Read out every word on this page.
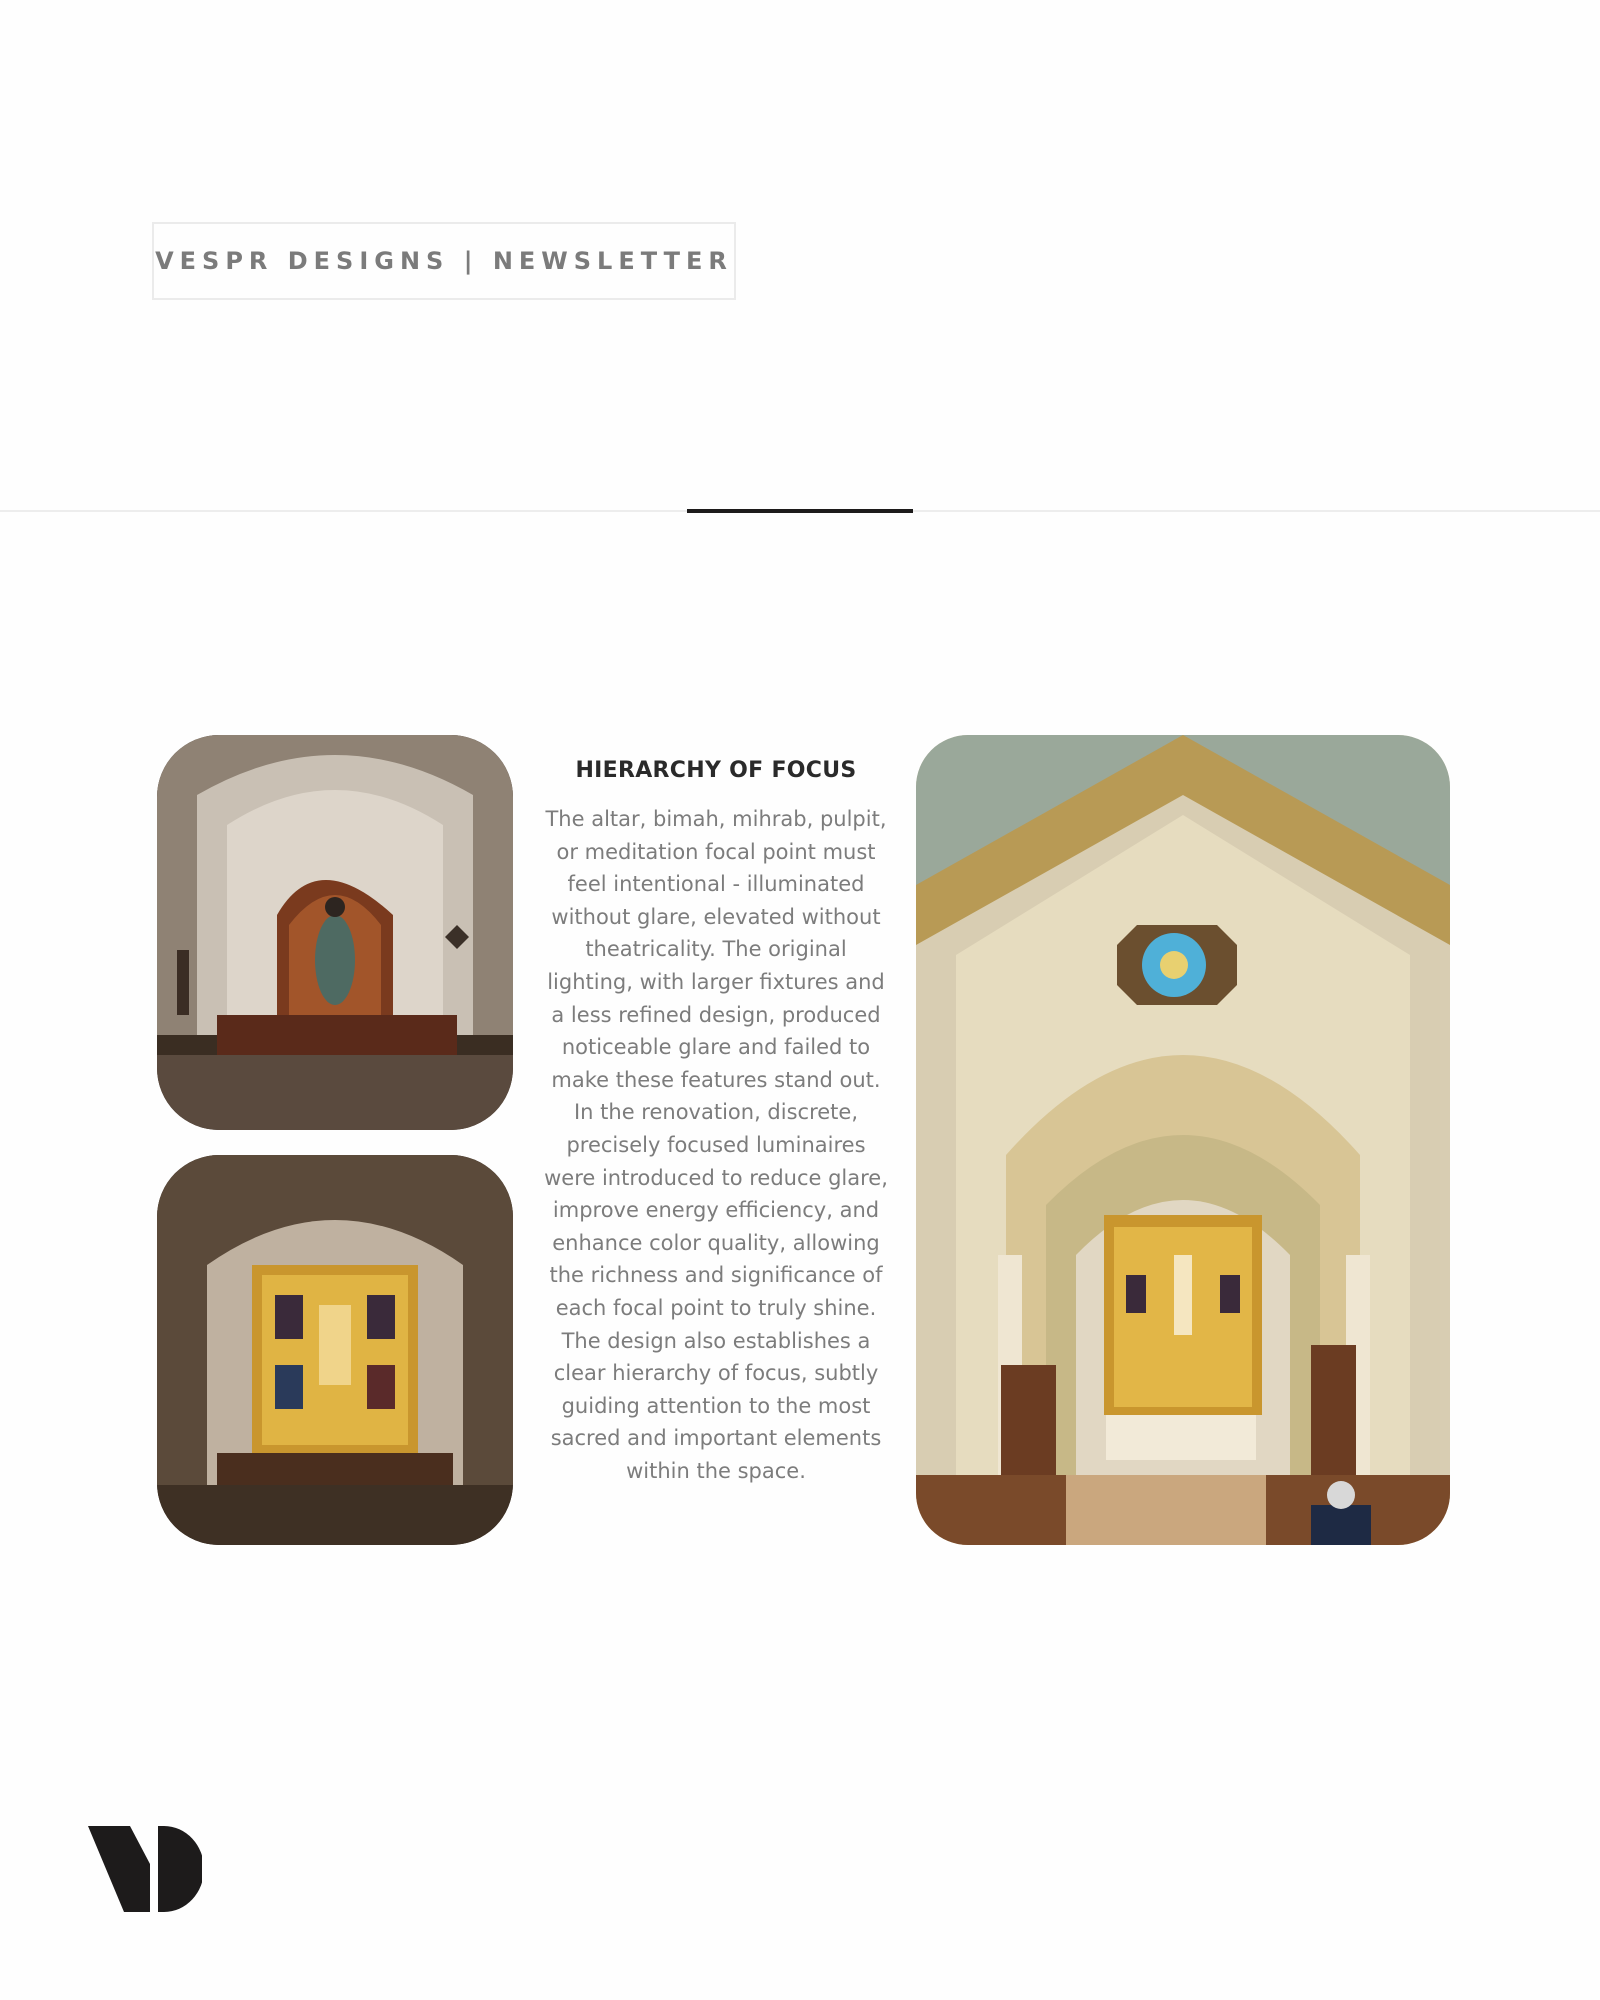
VESPR DESIGNS | NEWSLETTER
HIERARCHY OF FOCUS

The altar, bimah, mihrab, pulpit, or meditation focal point must feel intentional - illuminated without glare, elevated without theatricality. The original lighting, with larger fixtures and a less refined design, produced noticeable glare and failed to make these features stand out. In the renovation, discrete, precisely focused luminaires were introduced to reduce glare, improve energy efficiency, and enhance color quality, allowing the richness and significance of each focal point to truly shine. The design also establishes a clear hierarchy of focus, subtly guiding attention to the most sacred and important elements within the space.
